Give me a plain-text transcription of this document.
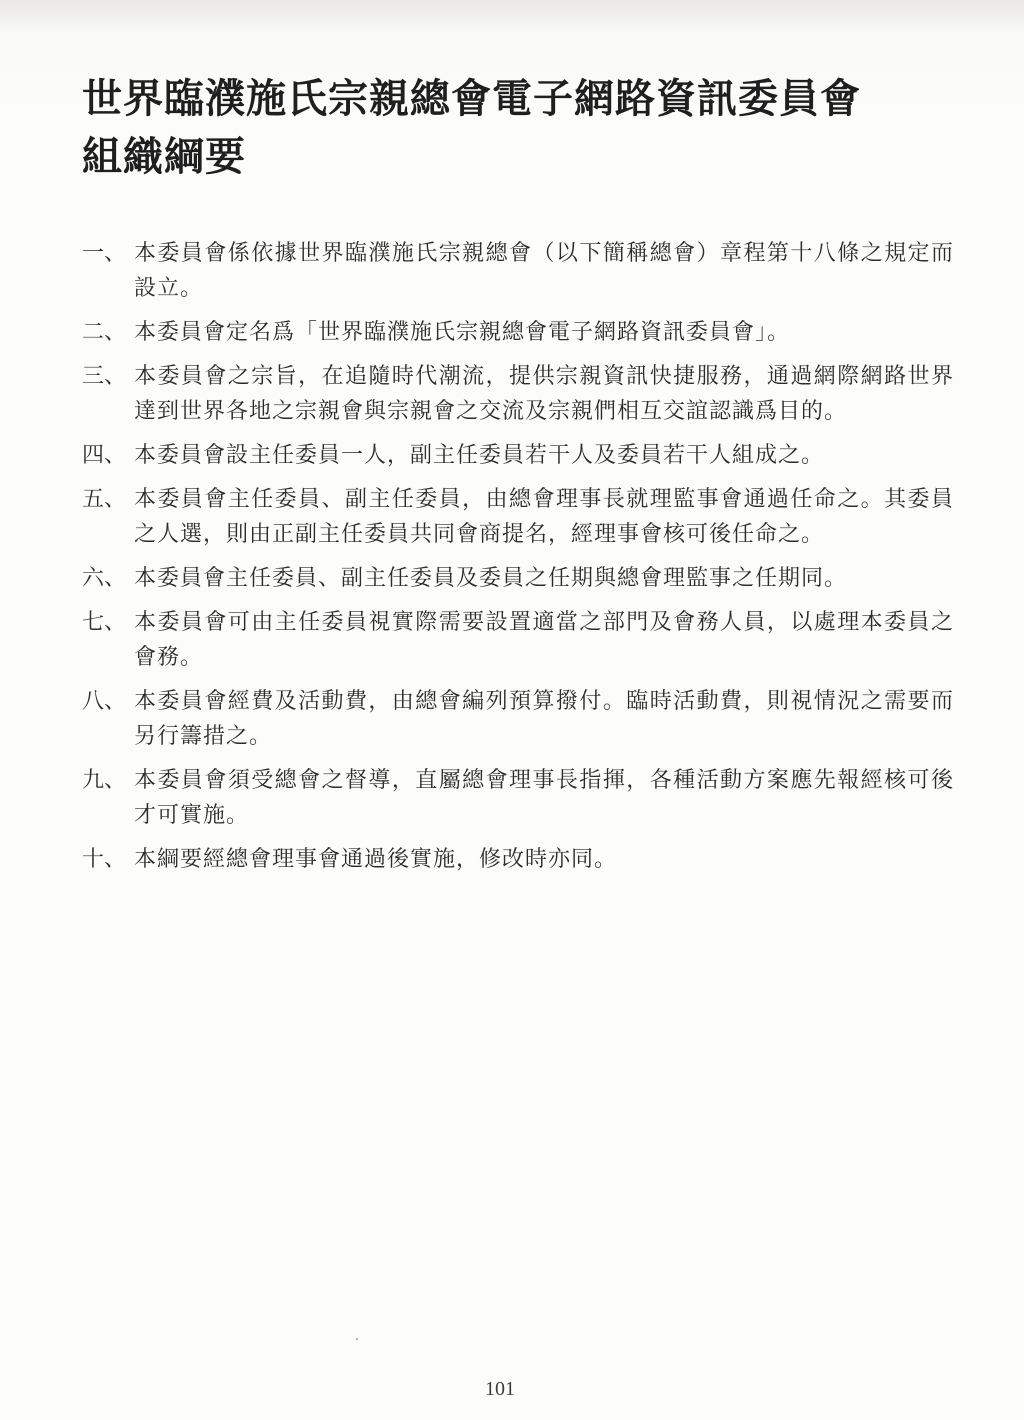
世界臨濮施氏宗親總會電子網路資訊委員會
組織綱要
一、 本委員會係依據世界臨濮施氏宗親總會（以下簡稱總會）章程第十八條之規定而設立。
二、 本委員會定名爲「世界臨濮施氏宗親總會電子網路資訊委員會」。
三、 本委員會之宗旨，在追隨時代潮流，提供宗親資訊快捷服務，通過網際網路世界達到世界各地之宗親會與宗親會之交流及宗親們相互交誼認識爲目的。
四、 本委員會設主任委員一人，副主任委員若干人及委員若干人組成之。
五、 本委員會主任委員、副主任委員，由總會理事長就理監事會通過任命之。其委員之人選，則由正副主任委員共同會商提名，經理事會核可後任命之。
六、 本委員會主任委員、副主任委員及委員之任期與總會理監事之任期同。
七、 本委員會可由主任委員視實際需要設置適當之部門及會務人員，以處理本委員之會務。
八、 本委員會經費及活動費，由總會編列預算撥付。臨時活動費，則視情況之需要而另行籌措之。
九、 本委員會須受總會之督導，直屬總會理事長指揮，各種活動方案應先報經核可後才可實施。
十、 本綱要經總會理事會通過後實施，修改時亦同。
101
